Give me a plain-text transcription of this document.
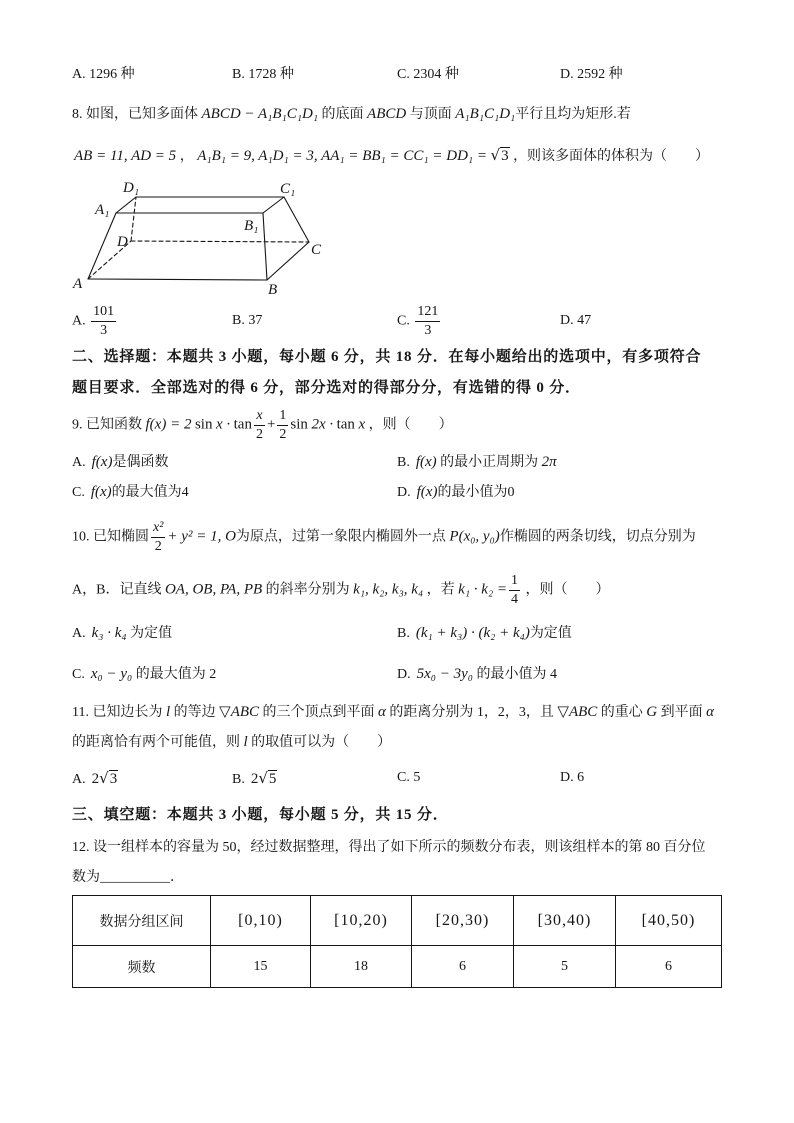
A. 1296 种	B. 1728 种	C. 2304 种	D. 2592 种
8. 如图，已知多面体 ABCD − A₁B₁C₁D₁ 的底面 ABCD 与顶面 A₁B₁C₁D₁平行且均为矩形.若
AB = 11, AD = 5 ， A₁B₁ = 9, A₁D₁ = 3, AA₁ = BB₁ = CC₁ = DD₁ = √3 ，则该多面体的体积为（　　）
D₁	C₁
A₁
B₁
D	C
A	B
A. $\frac{101}{3}$	B. 37	C. $\frac{121}{3}$	D. 47
二、选择题：本题共 3 小题，每小题 6 分，共 18 分．在每小题给出的选项中，有多项符合
题目要求．全部选对的得 6 分，部分选对的得部分分，有选错的得 0 分．
9. 已知函数 f(x) = 2 $\sin x \cdot \tan \frac{x}{2} + \frac{1}{2}$ sin 2x · tan x ，则（　　）
A. f(x)是偶函数	B. f(x) 的最小正周期为 2π
C. f(x)的最大值为4	D. f(x)的最小值为0
10. 已知椭圆 $\frac{\text{x²}}{2} + y^2 = 1$, O为原点，过第一象限内椭圆外一点 P(x₀, y₀)作椭圆的两条切线，切点分别为
A，B．记直线 OA, OB, PA, PB 的斜率分别为 k₁, k₂, k₃, k₄ ，若 $k_1 \cdot k_2 = \frac{1}{4}$ ，则（　　）
A. k₃ · k₄ 为定值	B. (k₁ + k₃) · (k₂ + k₄)为定值
C. x₀ − y₀ 的最大值为 2	D. 5x₀ − 3y₀ 的最小值为 4
11. 已知边长为 l 的等边 ▽ABC 的三个顶点到平面 α 的距离分别为 1，2，3，且 ▽ABC 的重心 G 到平面 α
的距离恰有两个可能值，则 l 的取值可以为（　　）
A. 2√3	B. 2√5	C. 5	D. 6
三、填空题：本题共 3 小题，每小题 5 分，共 15 分．
12. 设一组样本的容量为 50，经过数据整理，得出了如下所示的频数分布表，则该组样本的第 80 百分位
数为__________．
数据分组区间	[0,10)	[10,20)	[20,30)	[30,40)	[40,50)
频数	15	18	6	5	6
